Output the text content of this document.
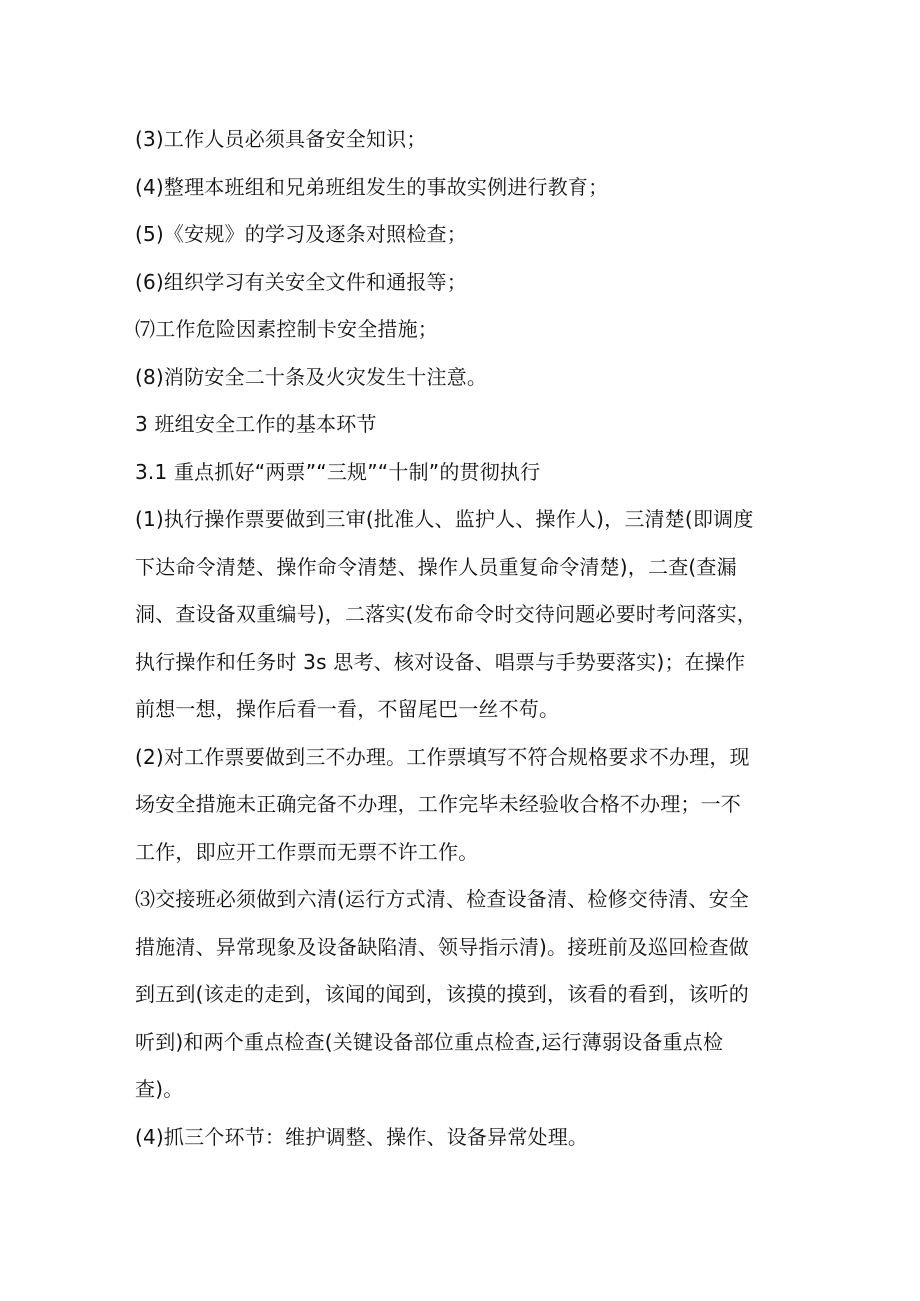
(3)工作人员必须具备安全知识；

(4)整理本班组和兄弟班组发生的事故实例进行教育；

(5)《安规》的学习及逐条对照检查；

(6)组织学习有关安全文件和通报等；

⑺工作危险因素控制卡安全措施；

(8)消防安全二十条及火灾发生十注意。

3 班组安全工作的基本环节

3.1 重点抓好“两票”“三规”“十制”的贯彻执行

(1)执行操作票要做到三审(批准人、监护人、操作人)，三清楚(即调度

下达命令清楚、操作命令清楚、操作人员重复命令清楚)，二查(查漏

洞、查设备双重编号)，二落实(发布命令时交待问题必要时考问落实，

执行操作和任务时 3s 思考、核对设备、唱票与手势要落实)；在操作

前想一想，操作后看一看，不留尾巴一丝不苟。

(2)对工作票要做到三不办理。工作票填写不符合规格要求不办理，现

场安全措施未正确完备不办理，工作完毕未经验收合格不办理；一不

工作，即应开工作票而无票不许工作。

⑶交接班必须做到六清(运行方式清、检查设备清、检修交待清、安全

措施清、异常现象及设备缺陷清、领导指示清)。接班前及巡回检查做

到五到(该走的走到，该闻的闻到，该摸的摸到，该看的看到，该听的

听到)和两个重点检查(关键设备部位重点检查,运行薄弱设备重点检

查)。

(4)抓三个环节：维护调整、操作、设备异常处理。
